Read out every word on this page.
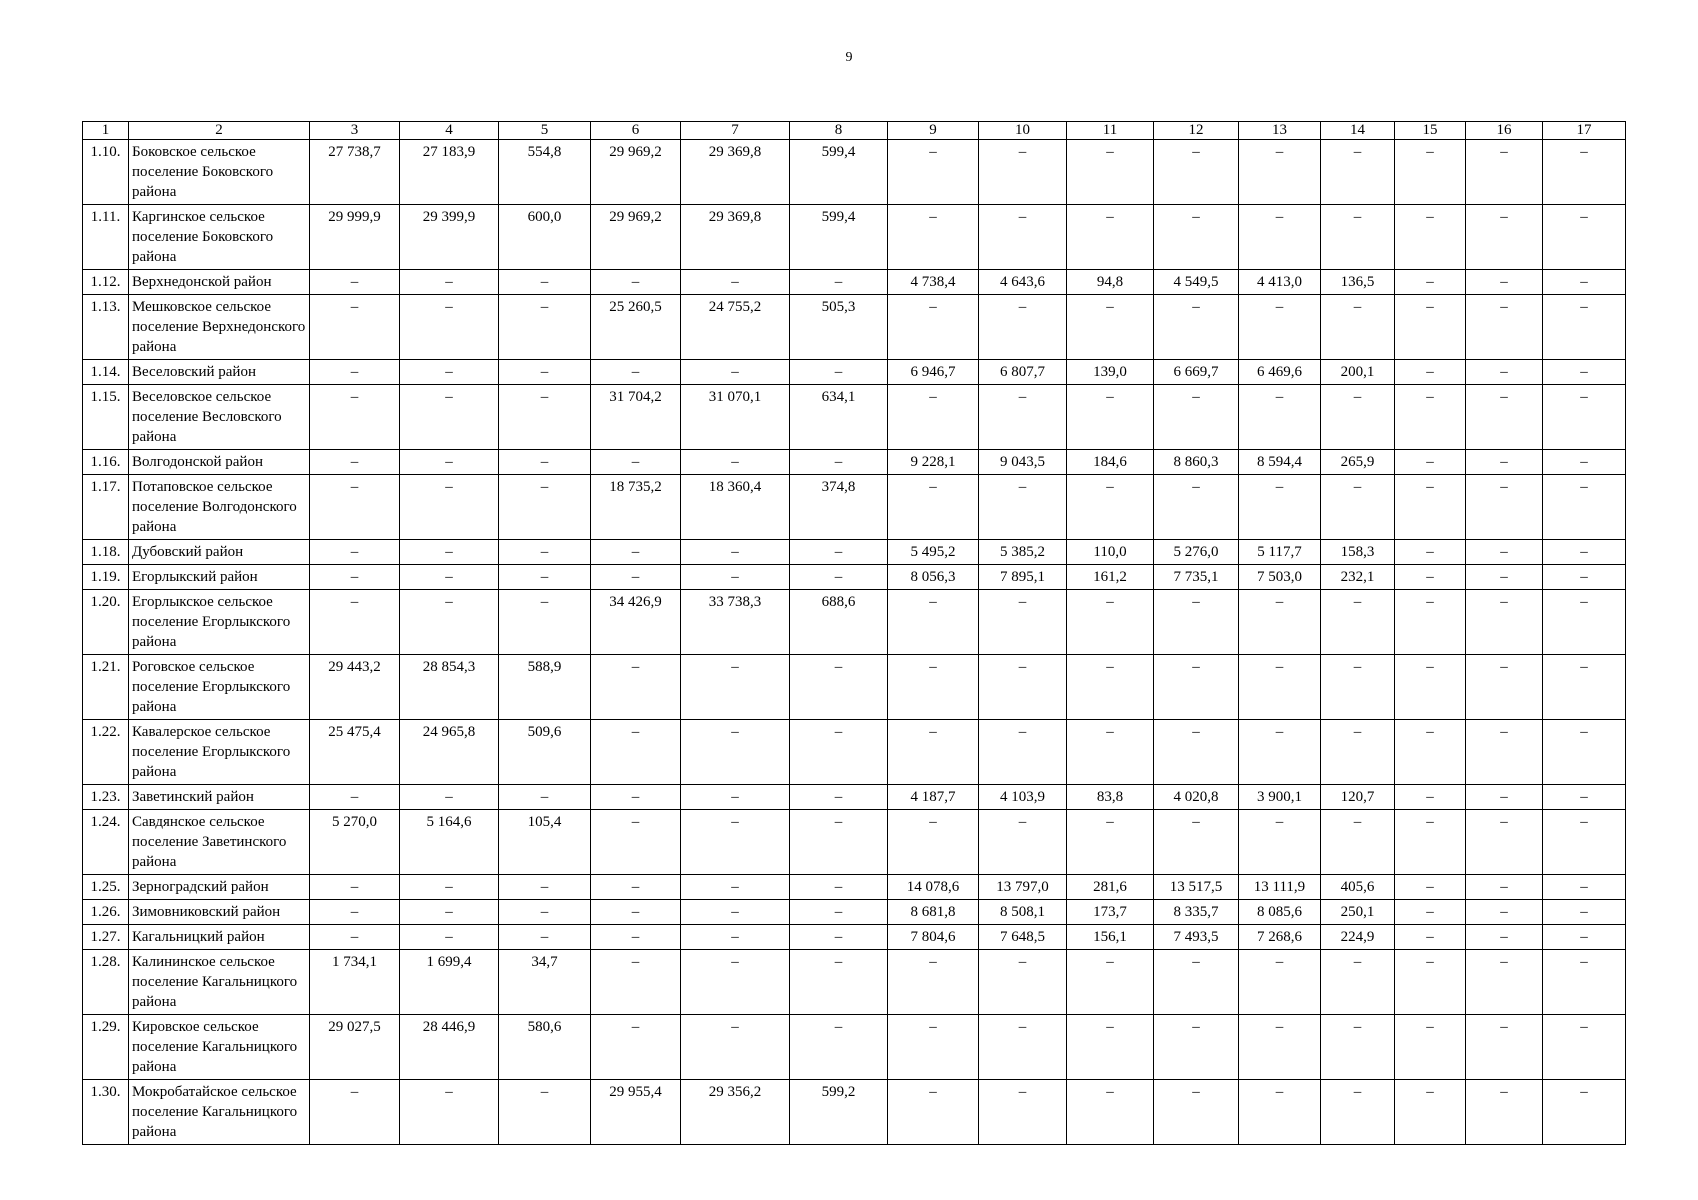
9
1	2	3	4	5	6	7	8	9	10	11	12	13	14	15	16	17
1.10.	Боковское сельское поселение Боковского района	27 738,7	27 183,9	554,8	29 969,2	29 369,8	599,4	–	–	–	–	–	–	–	–	–
1.11.	Каргинское сельское поселение Боковского района	29 999,9	29 399,9	600,0	29 969,2	29 369,8	599,4	–	–	–	–	–	–	–	–	–
1.12.	Верхнедонской район	–	–	–	–	–	–	4 738,4	4 643,6	94,8	4 549,5	4 413,0	136,5	–	–	–
1.13.	Мешковское сельское поселение Верхнедонского района	–	–	–	25 260,5	24 755,2	505,3	–	–	–	–	–	–	–	–	–
1.14.	Веселовский район	–	–	–	–	–	–	6 946,7	6 807,7	139,0	6 669,7	6 469,6	200,1	–	–	–
1.15.	Веселовское сельское поселение Весловского района	–	–	–	31 704,2	31 070,1	634,1	–	–	–	–	–	–	–	–	–
1.16.	Волгодонской район	–	–	–	–	–	–	9 228,1	9 043,5	184,6	8 860,3	8 594,4	265,9	–	–	–
1.17.	Потаповское сельское поселение Волгодонского района	–	–	–	18 735,2	18 360,4	374,8	–	–	–	–	–	–	–	–	–
1.18.	Дубовский район	–	–	–	–	–	–	5 495,2	5 385,2	110,0	5 276,0	5 117,7	158,3	–	–	–
1.19.	Егорлыкский район	–	–	–	–	–	–	8 056,3	7 895,1	161,2	7 735,1	7 503,0	232,1	–	–	–
1.20.	Егорлыкское сельское поселение Егорлыкского района	–	–	–	34 426,9	33 738,3	688,6	–	–	–	–	–	–	–	–	–
1.21.	Роговское сельское поселение Егорлыкского района	29 443,2	28 854,3	588,9	–	–	–	–	–	–	–	–	–	–	–	–
1.22.	Кавалерское сельское поселение Егорлыкского района	25 475,4	24 965,8	509,6	–	–	–	–	–	–	–	–	–	–	–	–
1.23.	Заветинский район	–	–	–	–	–	–	4 187,7	4 103,9	83,8	4 020,8	3 900,1	120,7	–	–	–
1.24.	Савдянское сельское поселение Заветинского района	5 270,0	5 164,6	105,4	–	–	–	–	–	–	–	–	–	–	–	–
1.25.	Зерноградский район	–	–	–	–	–	–	14 078,6	13 797,0	281,6	13 517,5	13 111,9	405,6	–	–	–
1.26.	Зимовниковский район	–	–	–	–	–	–	8 681,8	8 508,1	173,7	8 335,7	8 085,6	250,1	–	–	–
1.27.	Кагальницкий район	–	–	–	–	–	–	7 804,6	7 648,5	156,1	7 493,5	7 268,6	224,9	–	–	–
1.28.	Калининское сельское поселение Кагальницкого района	1 734,1	1 699,4	34,7	–	–	–	–	–	–	–	–	–	–	–	–
1.29.	Кировское сельское поселение Кагальницкого района	29 027,5	28 446,9	580,6	–	–	–	–	–	–	–	–	–	–	–	–
1.30.	Мокробатайское сельское поселение Кагальницкого района	–	–	–	29 955,4	29 356,2	599,2	–	–	–	–	–	–	–	–	–
